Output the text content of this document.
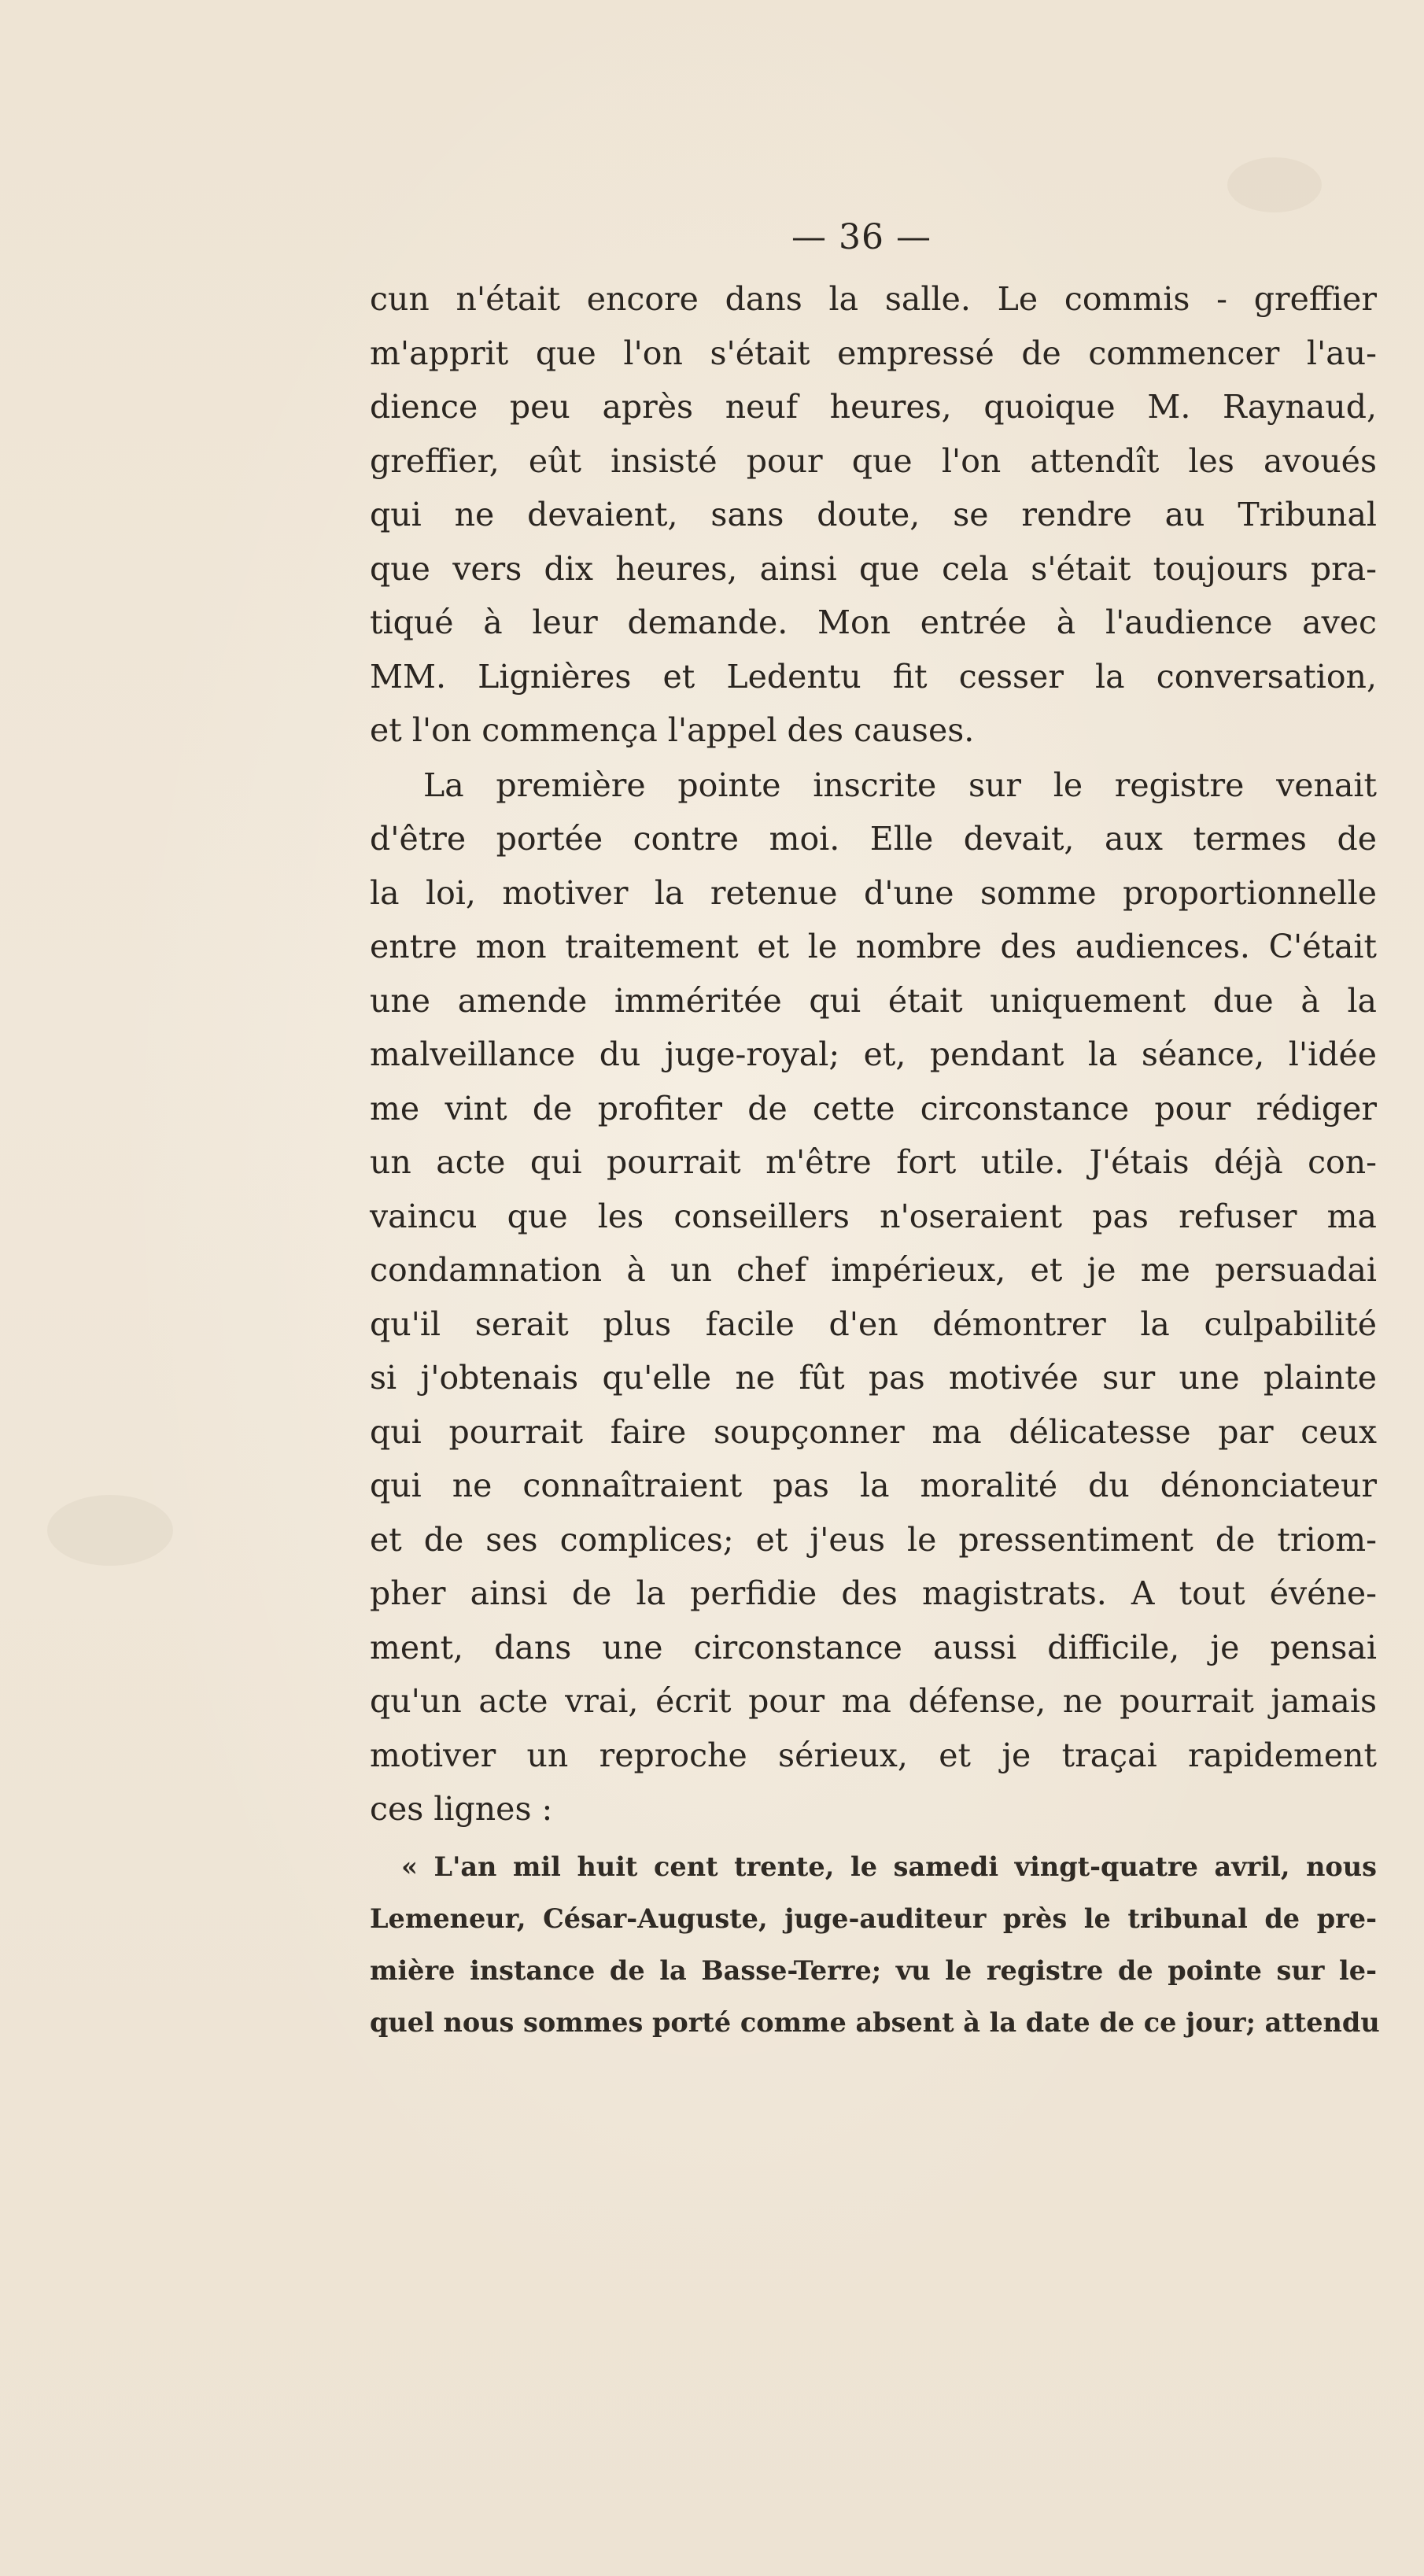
— 36 —
cun n'était encore dans la salle. Le commis - greffier
m'apprit que l'on s'était empressé de commencer l'au-
dience peu après neuf heures, quoique M. Raynaud,
greffier, eût insisté pour que l'on attendît les avoués
qui ne devaient, sans doute, se rendre au Tribunal
que vers dix heures, ainsi que cela s'était toujours pra-
tiqué à leur demande. Mon entrée à l'audience avec
MM. Lignières et Ledentu fit cesser la conversation,
et l'on commença l'appel des causes.
La première pointe inscrite sur le registre venait
d'être portée contre moi. Elle devait, aux termes de
la loi, motiver la retenue d'une somme proportionnelle
entre mon traitement et le nombre des audiences. C'était
une amende imméritée qui était uniquement due à la
malveillance du juge-royal; et, pendant la séance, l'idée
me vint de profiter de cette circonstance pour rédiger
un acte qui pourrait m'être fort utile. J'étais déjà con-
vaincu que les conseillers n'oseraient pas refuser ma
condamnation à un chef impérieux, et je me persuadai
qu'il serait plus facile d'en démontrer la culpabilité
si j'obtenais qu'elle ne fût pas motivée sur une plainte
qui pourrait faire soupçonner ma délicatesse par ceux
qui ne connaîtraient pas la moralité du dénonciateur
et de ses complices; et j'eus le pressentiment de triom-
pher ainsi de la perfidie des magistrats. A tout événe-
ment, dans une circonstance aussi difficile, je pensai
qu'un acte vrai, écrit pour ma défense, ne pourrait jamais
motiver un reproche sérieux, et je traçai rapidement
ces lignes :
« L'an mil huit cent trente, le samedi vingt-quatre avril, nous
Lemeneur, César-Auguste, juge-auditeur près le tribunal de pre-
mière instance de la Basse-Terre; vu le registre de pointe sur le-
quel nous sommes porté comme absent à la date de ce jour; attendu
